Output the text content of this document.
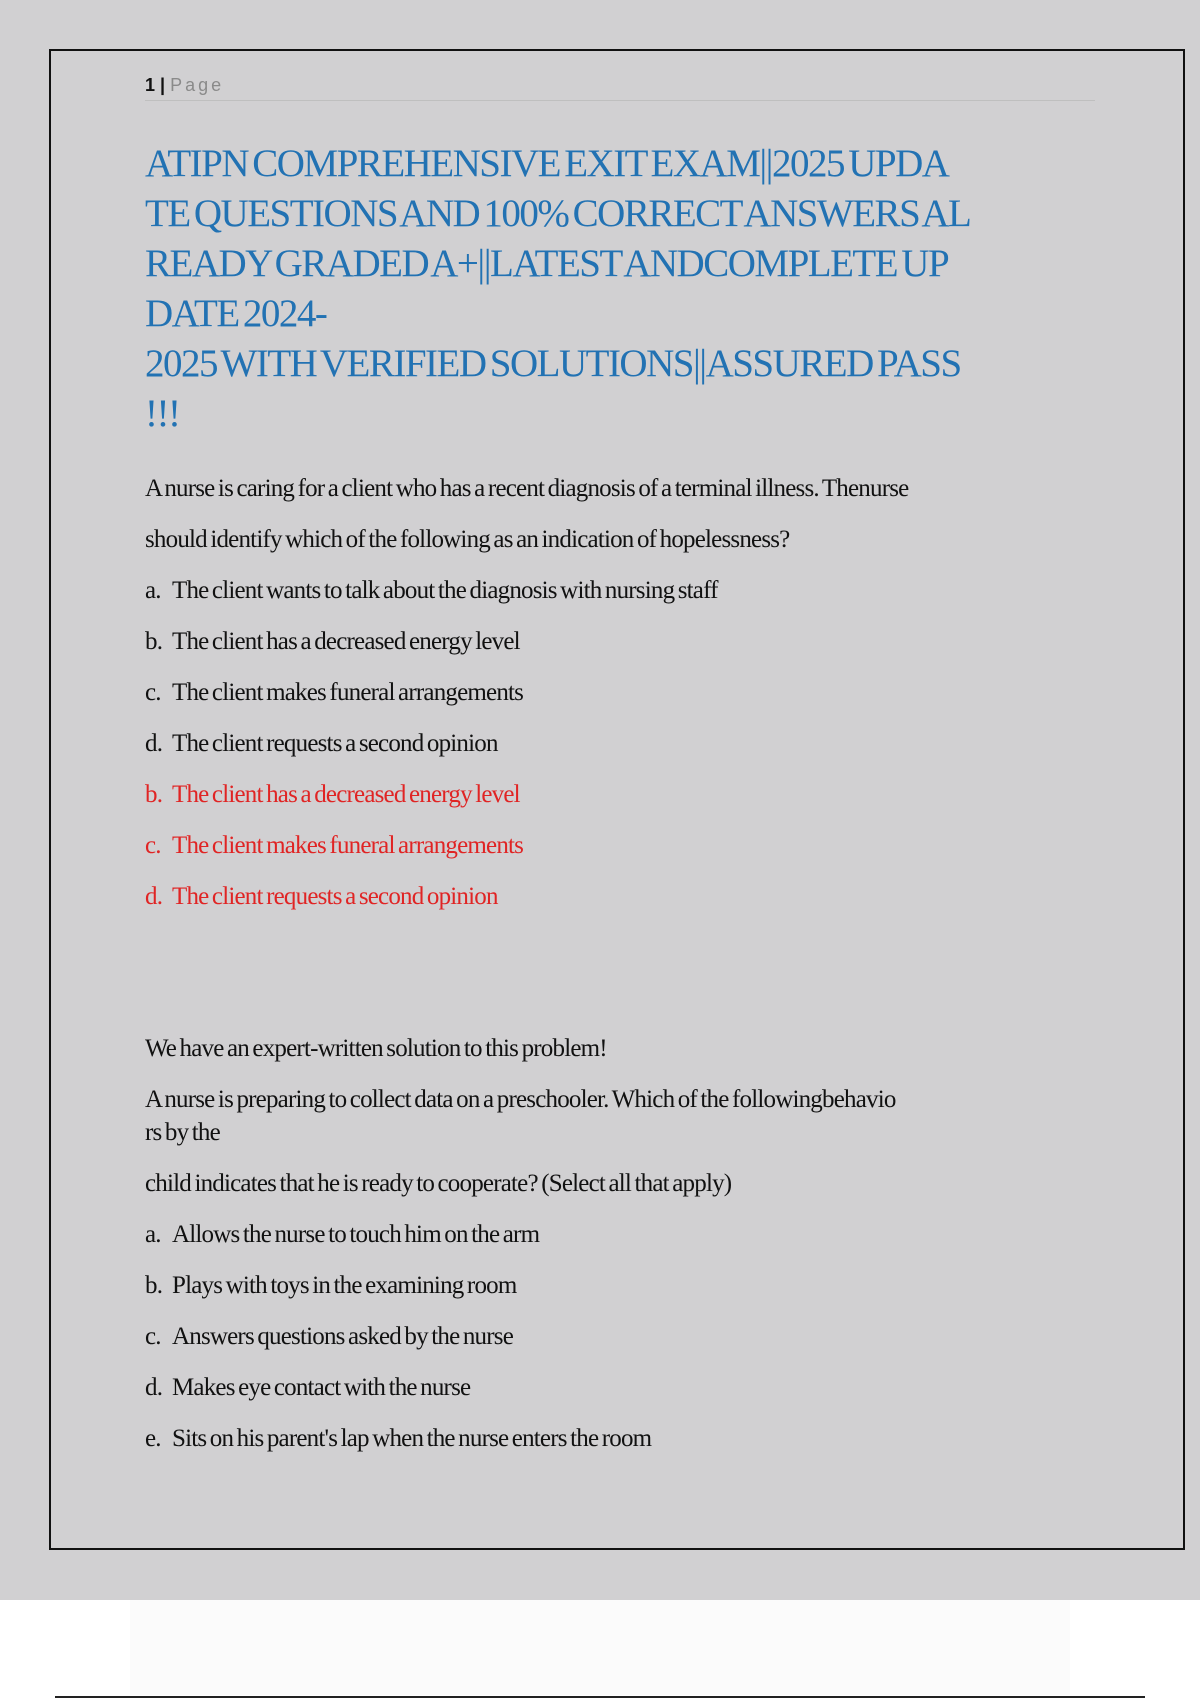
1 | Page
ATIPN COMPREHENSIVE EXIT EXAM||2025 UPDA
TE QUESTIONS AND 100% CORRECT ANSWERS AL
READY GRADED A+||LATEST ANDCOMPLETE UP
DATE 2024-
2025 WITH VERIFIED SOLUTIONS||ASSURED PASS
!!!
A nurse is caring for a client who has a recent diagnosis of a terminal illness. Thenurse
should identify which of the following as an indication of hopelessness?
a. The client wants to talk about the diagnosis with nursing staff
b. The client has a decreased energy level
c. The client makes funeral arrangements
d. The client requests a second opinion
b. The client has a decreased energy level
c. The client makes funeral arrangements
d. The client requests a second opinion
We have an expert-written solution to this problem!
A nurse is preparing to collect data on a preschooler. Which of the followingbehavio
rs by the
child indicates that he is ready to cooperate? (Select all that apply)
a. Allows the nurse to touch him on the arm
b. Plays with toys in the examining room
c. Answers questions asked by the nurse
d. Makes eye contact with the nurse
e. Sits on his parent's lap when the nurse enters the room
